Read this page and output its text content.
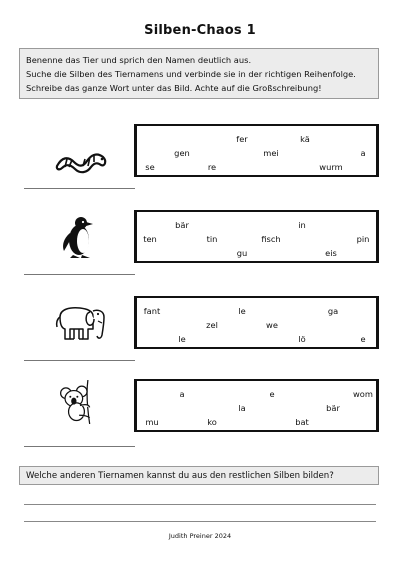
Silben-Chaos 1
Benenne das Tier und sprich den Namen deutlich aus.
Suche die Silben des Tiernamens und verbinde sie in der richtigen Reihenfolge.
Schreibe das ganze Wort unter das Bild. Achte auf die Großschreibung!
fer	kä
gen	mei	a
se	re	wurm
bär	in
ten	tin	fisch	pin
gu	eis
fant	le	ga
zel	we
le	lö	e
a	e	wom
la	bär
mu	ko	bat
Welche anderen Tiernamen kannst du aus den restlichen Silben bilden?
Judith Preiner 2024
